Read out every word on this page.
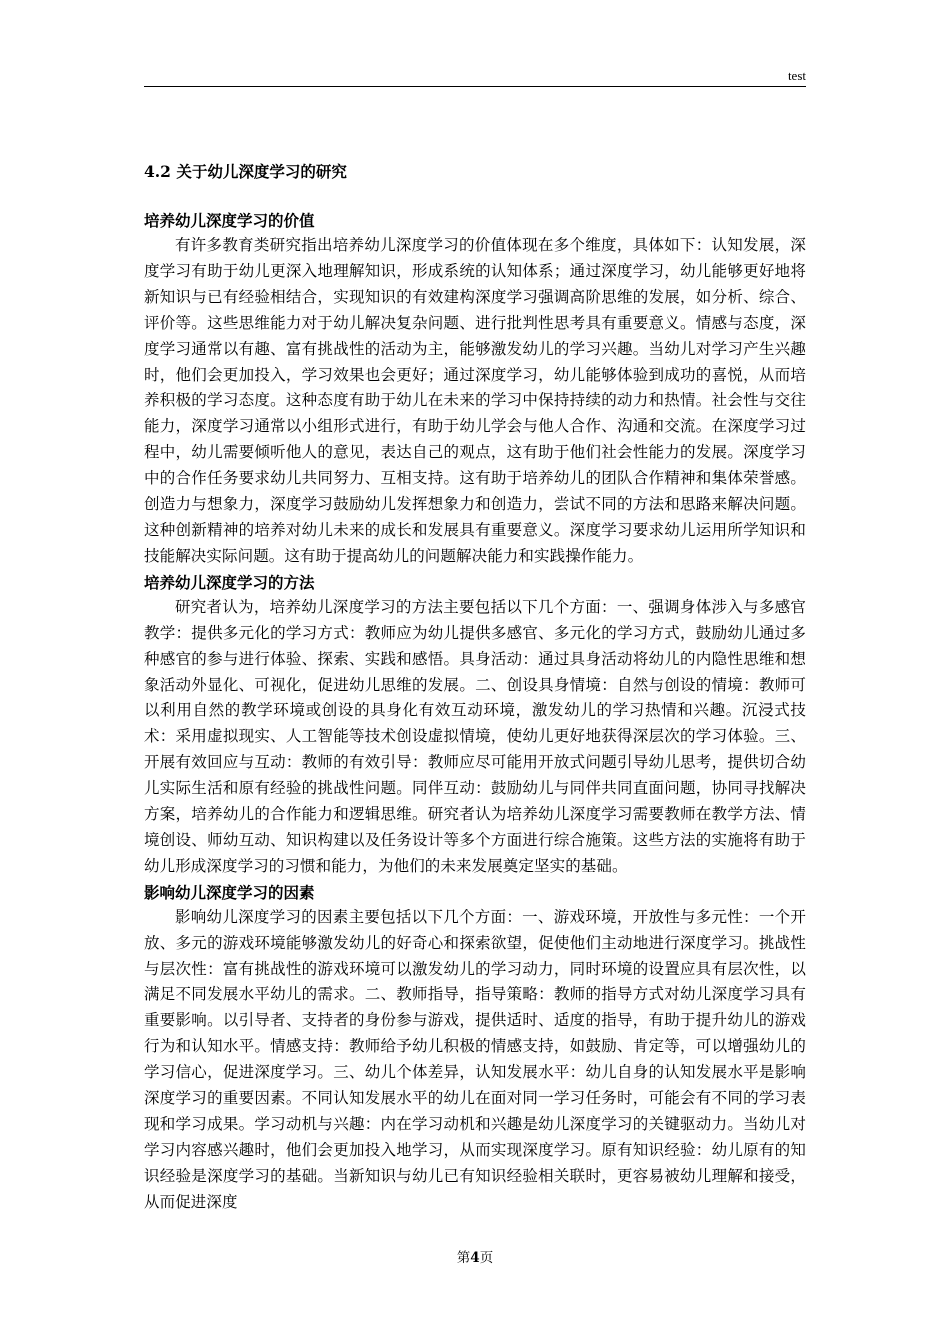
test

4.2 关于幼儿深度学习的研究

培养幼儿深度学习的价值

有许多教育类研究指出培养幼儿深度学习的价值体现在多个维度，具体如下：认知发展，深度学习有助于幼儿更深入地理解知识，形成系统的认知体系；通过深度学习，幼儿能够更好地将新知识与已有经验相结合，实现知识的有效建构深度学习强调高阶思维的发展，如分析、综合、评价等。这些思维能力对于幼儿解决复杂问题、进行批判性思考具有重要意义。情感与态度，深度学习通常以有趣、富有挑战性的活动为主，能够激发幼儿的学习兴趣。当幼儿对学习产生兴趣时，他们会更加投入，学习效果也会更好；通过深度学习，幼儿能够体验到成功的喜悦，从而培养积极的学习态度。这种态度有助于幼儿在未来的学习中保持持续的动力和热情。社会性与交往能力，深度学习通常以小组形式进行，有助于幼儿学会与他人合作、沟通和交流。在深度学习过程中，幼儿需要倾听他人的意见，表达自己的观点，这有助于他们社会性能力的发展。深度学习中的合作任务要求幼儿共同努力、互相支持。这有助于培养幼儿的团队合作精神和集体荣誉感。创造力与想象力，深度学习鼓励幼儿发挥想象力和创造力，尝试不同的方法和思路来解决问题。这种创新精神的培养对幼儿未来的成长和发展具有重要意义。深度学习要求幼儿运用所学知识和技能解决实际问题。这有助于提高幼儿的问题解决能力和实践操作能力。

培养幼儿深度学习的方法

研究者认为，培养幼儿深度学习的方法主要包括以下几个方面：一、强调身体涉入与多感官教学：提供多元化的学习方式：教师应为幼儿提供多感官、多元化的学习方式，鼓励幼儿通过多种感官的参与进行体验、探索、实践和感悟。具身活动：通过具身活动将幼儿的内隐性思维和想象活动外显化、可视化，促进幼儿思维的发展。二、创设具身情境：自然与创设的情境：教师可以利用自然的教学环境或创设的具身化有效互动环境，激发幼儿的学习热情和兴趣。沉浸式技术：采用虚拟现实、人工智能等技术创设虚拟情境，使幼儿更好地获得深层次的学习体验。三、开展有效回应与互动：教师的有效引导：教师应尽可能用开放式问题引导幼儿思考，提供切合幼儿实际生活和原有经验的挑战性问题。同伴互动：鼓励幼儿与同伴共同直面问题，协同寻找解决方案，培养幼儿的合作能力和逻辑思维。研究者认为培养幼儿深度学习需要教师在教学方法、情境创设、师幼互动、知识构建以及任务设计等多个方面进行综合施策。这些方法的实施将有助于幼儿形成深度学习的习惯和能力，为他们的未来发展奠定坚实的基础。

影响幼儿深度学习的因素

影响幼儿深度学习的因素主要包括以下几个方面：一、游戏环境，开放性与多元性：一个开放、多元的游戏环境能够激发幼儿的好奇心和探索欲望，促使他们主动地进行深度学习。挑战性与层次性：富有挑战性的游戏环境可以激发幼儿的学习动力，同时环境的设置应具有层次性，以满足不同发展水平幼儿的需求。二、教师指导，指导策略：教师的指导方式对幼儿深度学习具有重要影响。以引导者、支持者的身份参与游戏，提供适时、适度的指导，有助于提升幼儿的游戏行为和认知水平。情感支持：教师给予幼儿积极的情感支持，如鼓励、肯定等，可以增强幼儿的学习信心，促进深度学习。三、幼儿个体差异，认知发展水平：幼儿自身的认知发展水平是影响深度学习的重要因素。不同认知发展水平的幼儿在面对同一学习任务时，可能会有不同的学习表现和学习成果。学习动机与兴趣：内在学习动机和兴趣是幼儿深度学习的关键驱动力。当幼儿对学习内容感兴趣时，他们会更加投入地学习，从而实现深度学习。原有知识经验：幼儿原有的知识经验是深度学习的基础。当新知识与幼儿已有知识经验相关联时，更容易被幼儿理解和接受，从而促进深度

第4页
